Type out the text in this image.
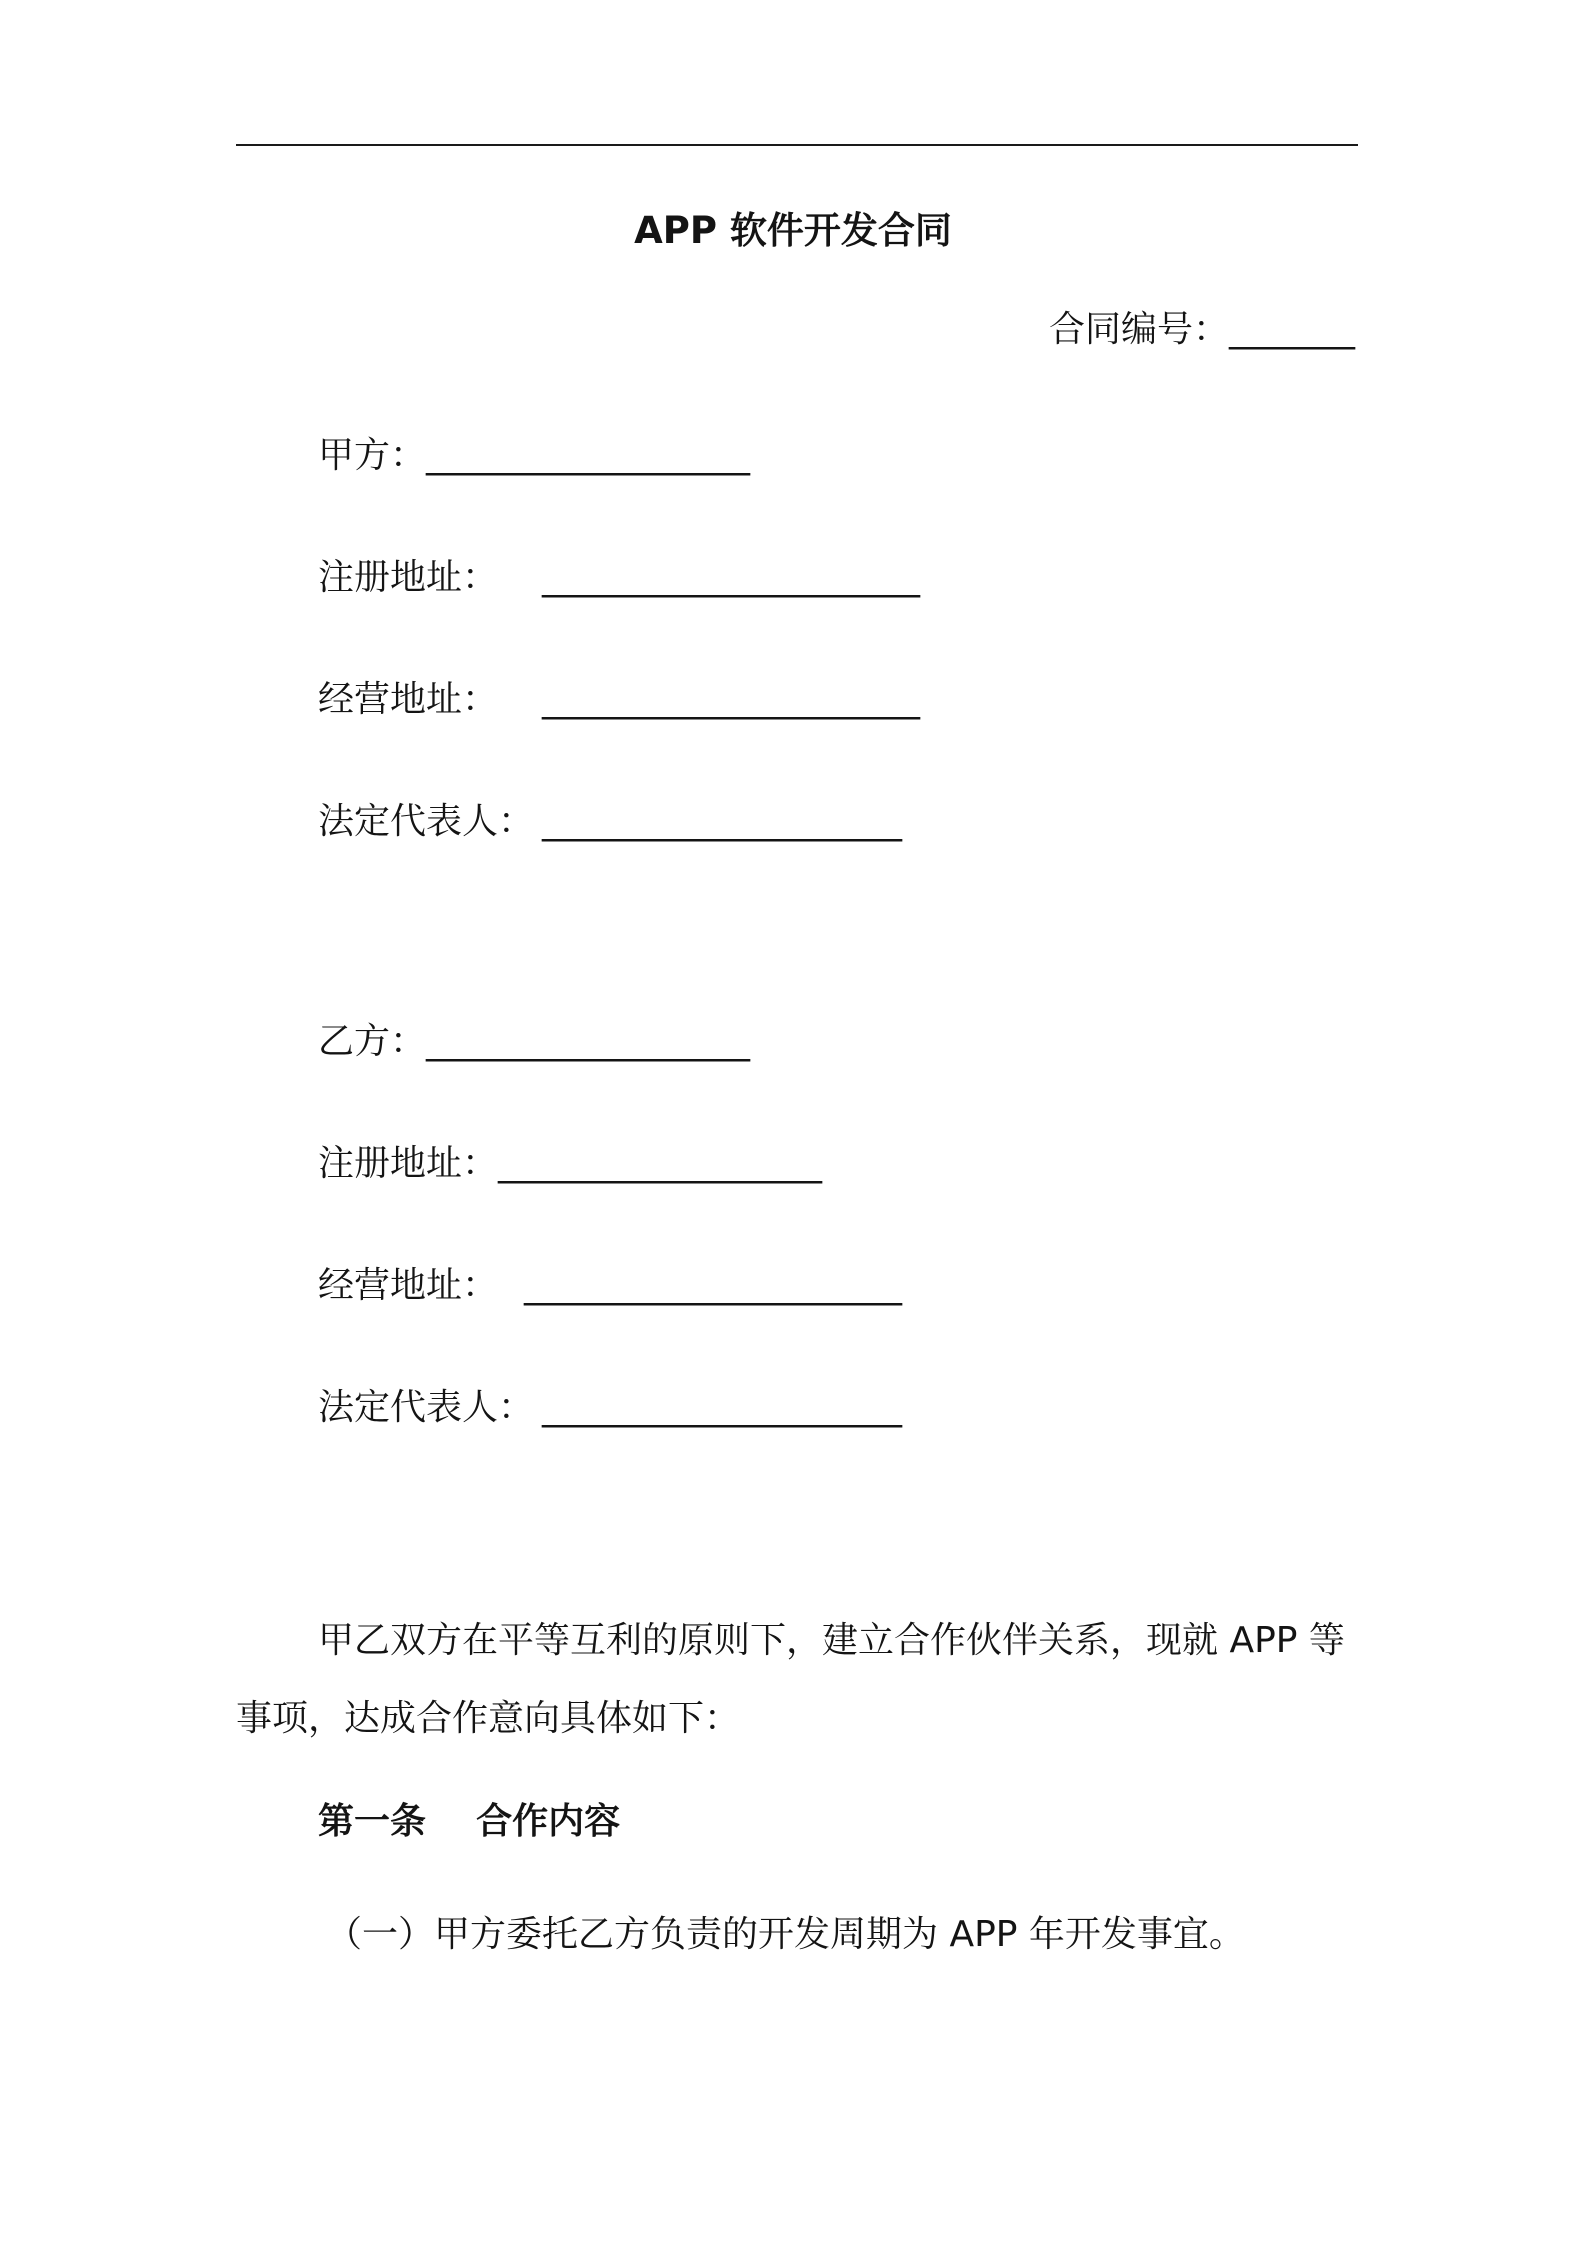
APP 软件开发合同
合同编号：_______
甲方：__________________
注册地址： _____________________
经营地址： _____________________
法定代表人： ____________________
乙方：__________________
注册地址：__________________
经营地址： _____________________
法定代表人： ____________________
甲乙双方在平等互利的原则下，建立合作伙伴关系，现就 APP 等事项，达成合作意向具体如下：
第一条    合作内容
（一）甲方委托乙方负责的开发周期为 APP 年开发事宜。
